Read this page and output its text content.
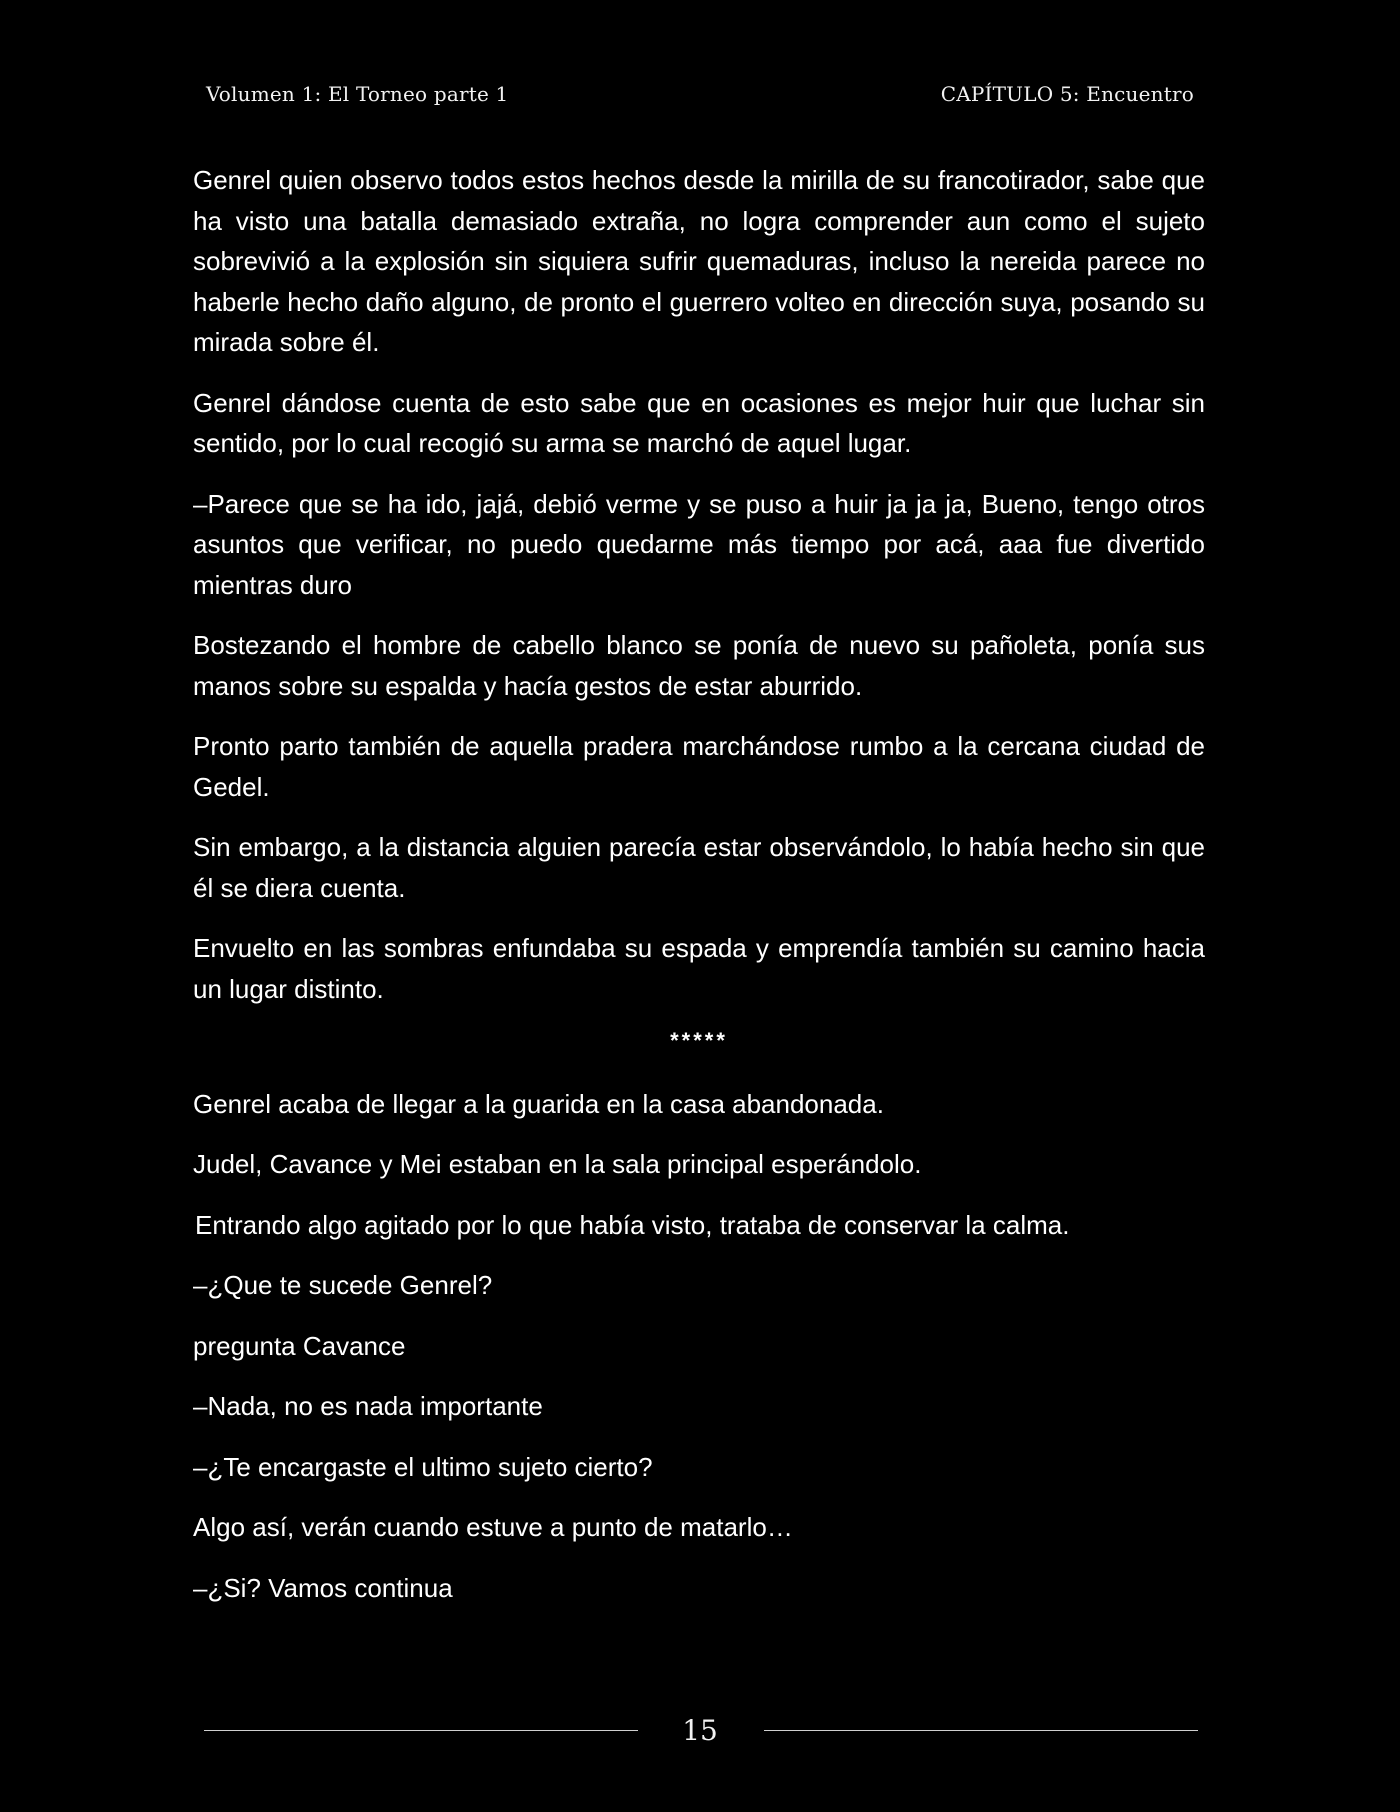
Volumen 1: El Torneo parte 1	CAPÍTULO 5: Encuentro

Genrel quien observo todos estos hechos desde la mirilla de su francotirador, sabe que ha visto una batalla demasiado extraña, no logra comprender aun como el sujeto sobrevivió a la explosión sin siquiera sufrir quemaduras, incluso la nereida parece no haberle hecho daño alguno, de pronto el guerrero volteo en dirección suya, posando su mirada sobre él.

Genrel dándose cuenta de esto sabe que en ocasiones es mejor huir que luchar sin sentido, por lo cual recogió su arma se marchó de aquel lugar.

–Parece que se ha ido, jajá, debió verme y se puso a huir ja ja ja, Bueno, tengo otros asuntos que verificar, no puedo quedarme más tiempo por acá, aaa fue divertido mientras duro

Bostezando el hombre de cabello blanco se ponía de nuevo su pañoleta, ponía sus manos sobre su espalda y hacía gestos de estar aburrido.

Pronto parto también de aquella pradera marchándose rumbo a la cercana ciudad de Gedel.

Sin embargo, a la distancia alguien parecía estar observándolo, lo había hecho sin que él se diera cuenta.

Envuelto en las sombras enfundaba su espada y emprendía también su camino hacia un lugar distinto.

*****

Genrel acaba de llegar a la guarida en la casa abandonada.

Judel, Cavance y Mei estaban en la sala principal esperándolo.

Entrando algo agitado por lo que había visto, trataba de conservar la calma.

–¿Que te sucede Genrel?

pregunta Cavance

–Nada, no es nada importante

–¿Te encargaste el ultimo sujeto cierto?

Algo así, verán cuando estuve a punto de matarlo…

–¿Si? Vamos continua

15
